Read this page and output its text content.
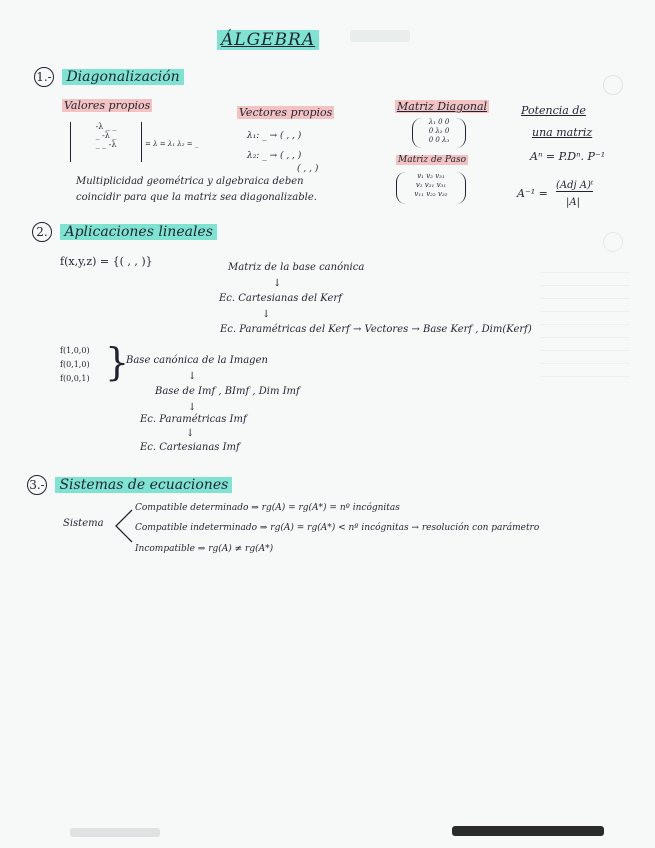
ÁLGEBRA
1.- Diagonalización
Valores propios
Vectores propios	Matriz Diagonal	Potencia de
una matriz
-λ _ _
_ -λ _
_ _ -λ	= λ = λ₁ λ₂ = _
λ₁: _ → ( , , )
λ₂: _ → ( , , )
( , , )
λ₁ 0 0
0 λ₂ 0
0 0 λ₃
Matriz de Paso
v₁ v₂ v₃₁
v₁ v₂₁ v₃₁
v₁₁ v₂₂ v₃₂
Aⁿ = P.Dⁿ. P⁻¹
A⁻¹ =
(Adj A)ᵗ
|A|
Multiplicidad geométrica y algebraica deben
coincidir para que la matriz sea diagonalizable.
2. Aplicaciones lineales
f(x,y,z) = {( , , )}	Matriz de la base canónica
↓
Ec. Cartesianas del Kerf
↓
Ec. Paramétricas del Kerf → Vectores → Base Kerf , Dim(Kerf)
f(1,0,0)
f(0,1,0)
f(0,0,1) }
Base canónica de la Imagen
↓
Base de Imf , BImf , Dim Imf
↓
Ec. Paramétricas Imf
↓
Ec. Cartesianas Imf
3.- Sistemas de ecuaciones
Sistema
Compatible determinado ⇒ rg(A) = rg(A*) = nº incógnitas
Compatible indeterminado ⇒ rg(A) = rg(A*) < nº incógnitas → resolución con parámetro
Incompatible ⇒ rg(A) ≠ rg(A*)
